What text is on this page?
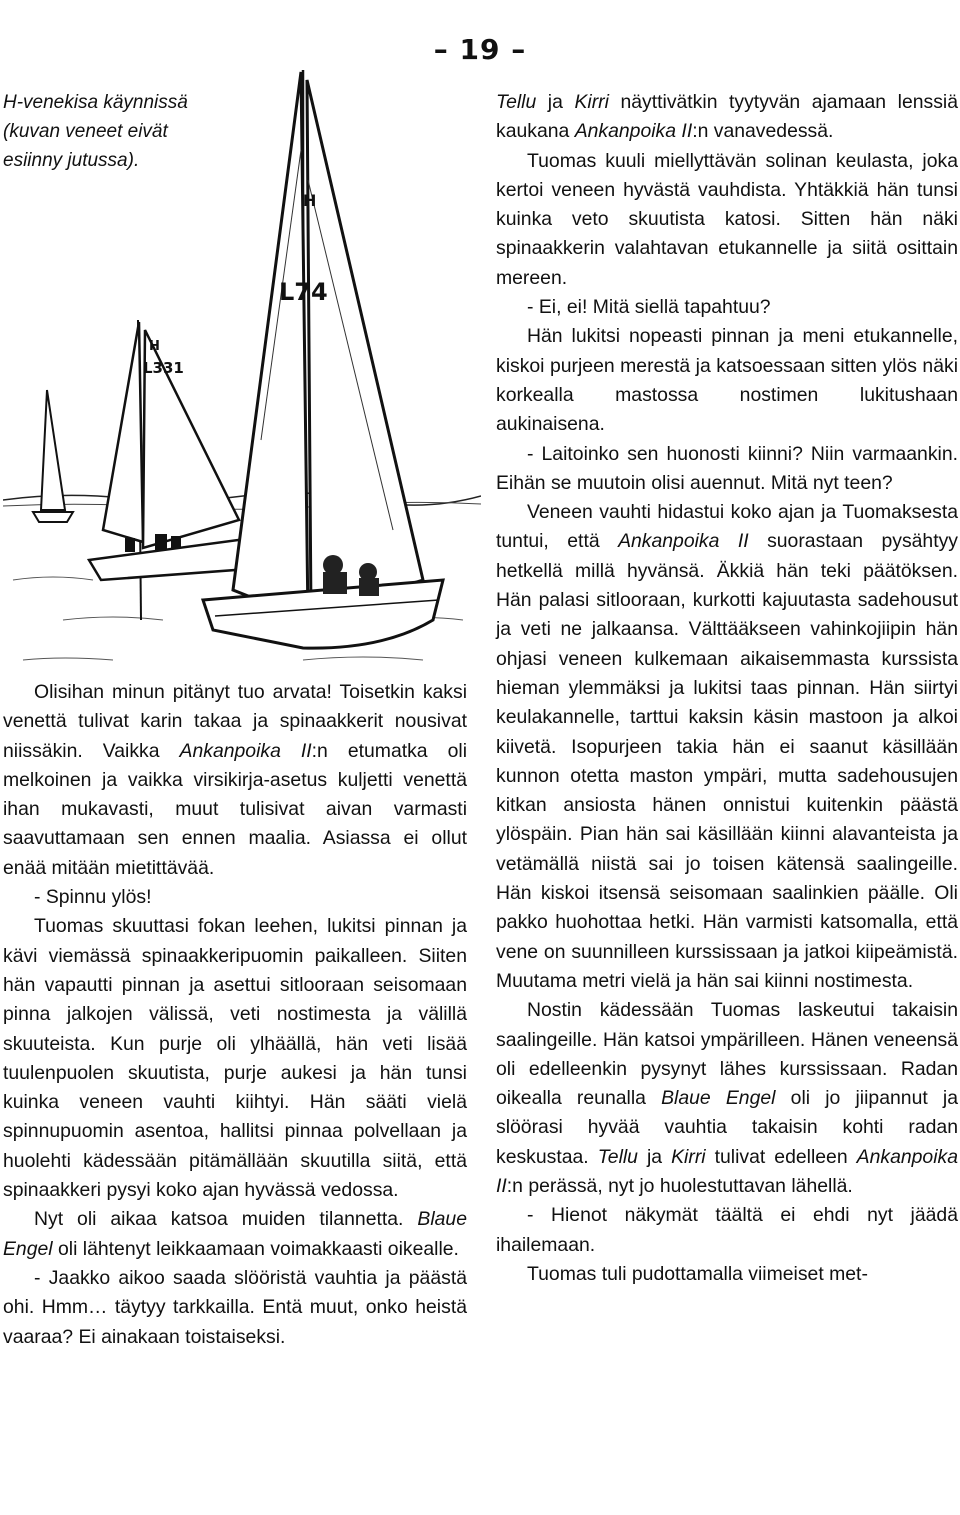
– 19 –
L331
H
L74
H
H-venekisa käynnissä
(kuvan veneet eivät
esiinny jutussa).

Olisihan minun pitänyt tuo arvata! Toisetkin kaksi venettä tulivat karin takaa ja spinaakkerit nousivat niissäkin. Vaikka Ankanpoika II:n etumatka oli melkoinen ja vaikka virsikirja-asetus kuljetti venettä ihan mukavasti, muut tulisivat aivan varmasti saavuttamaan sen ennen maalia. Asiassa ei ollut enää mitään mietittävää.

- Spinnu ylös!

Tuomas skuuttasi fokan leehen, lukitsi pinnan ja kävi viemässä spinaakkeripuomin paikalleen. Siiten hän vapautti pinnan ja asettui sitlooraan seisomaan pinna jalkojen välissä, veti nostimesta ja välillä skuuteista. Kun purje oli ylhäällä, hän veti lisää tuulenpuolen skuutista, purje aukesi ja hän tunsi kuinka veneen vauhti kiihtyi. Hän sääti vielä spinnupuomin asentoa, hallitsi pinnaa polvellaan ja huolehti kädessään pitämällään skuutilla siitä, että spinaakkeri pysyi koko ajan hyvässä vedossa.

Nyt oli aikaa katsoa muiden tilannetta. Blaue Engel oli lähtenyt leikkaamaan voimakkaasti oikealle.

- Jaakko aikoo saada slööristä vauhtia ja päästä ohi. Hmm… täytyy tarkkailla. Entä muut, onko heistä vaaraa? Ei ainakaan toistaiseksi.

Tellu ja Kirri näyttivätkin tyytyvän ajamaan lenssiä kaukana Ankanpoika II:n vanavedessä.

Tuomas kuuli miellyttävän solinan keulasta, joka kertoi veneen hyvästä vauhdista. Yhtäkkiä hän tunsi kuinka veto skuutista katosi. Sitten hän näki spinaakkerin valahtavan etukannelle ja siitä osittain mereen.

- Ei, ei! Mitä siellä tapahtuu?

Hän lukitsi nopeasti pinnan ja meni etukannelle, kiskoi purjeen merestä ja katsoessaan sitten ylös näki korkealla mastossa nostimen lukitushaan aukinaisena.

- Laitoinko sen huonosti kiinni? Niin varmaankin. Eihän se muutoin olisi auennut. Mitä nyt teen?

Veneen vauhti hidastui koko ajan ja Tuomaksesta tuntui, että Ankanpoika II suorastaan pysähtyy hetkellä millä hyvänsä. Äkkiä hän teki päätöksen. Hän palasi sitlooraan, kurkotti kajuutasta sadehousut ja veti ne jalkaansa. Välttääkseen vahinkojiipin hän ohjasi veneen kulkemaan aikaisemmasta kurssista hieman ylemmäksi ja lukitsi taas pinnan. Hän siirtyi keulakannelle, tarttui kaksin käsin mastoon ja alkoi kiivetä. Isopurjeen takia hän ei saanut käsillään kunnon otetta maston ympäri, mutta sadehousujen kitkan ansiosta hänen onnistui kuitenkin päästä ylöspäin. Pian hän sai käsillään kiinni alavanteista ja vetämällä niistä sai jo toisen kätensä saalingeille. Hän kiskoi itsensä seisomaan saalinkien päälle. Oli pakko huohottaa hetki. Hän varmisti katsomalla, että vene on suunnilleen kurssissaan ja jatkoi kiipeämistä. Muutama metri vielä ja hän sai kiinni nostimesta.

Nostin kädessään Tuomas laskeutui takaisin saalingeille. Hän katsoi ympärilleen. Hänen veneensä oli edelleenkin pysynyt lähes kurssissaan. Radan oikealla reunalla Blaue Engel oli jo jiipannut ja slöörasi hyvää vauhtia takaisin kohti radan keskustaa. Tellu ja Kirri tulivat edelleen Ankanpoika II:n perässä, nyt jo huolestuttavan lähellä.

- Hienot näkymät täältä ei ehdi nyt jäädä ihailemaan.

Tuomas tuli pudottamalla viimeiset met-
